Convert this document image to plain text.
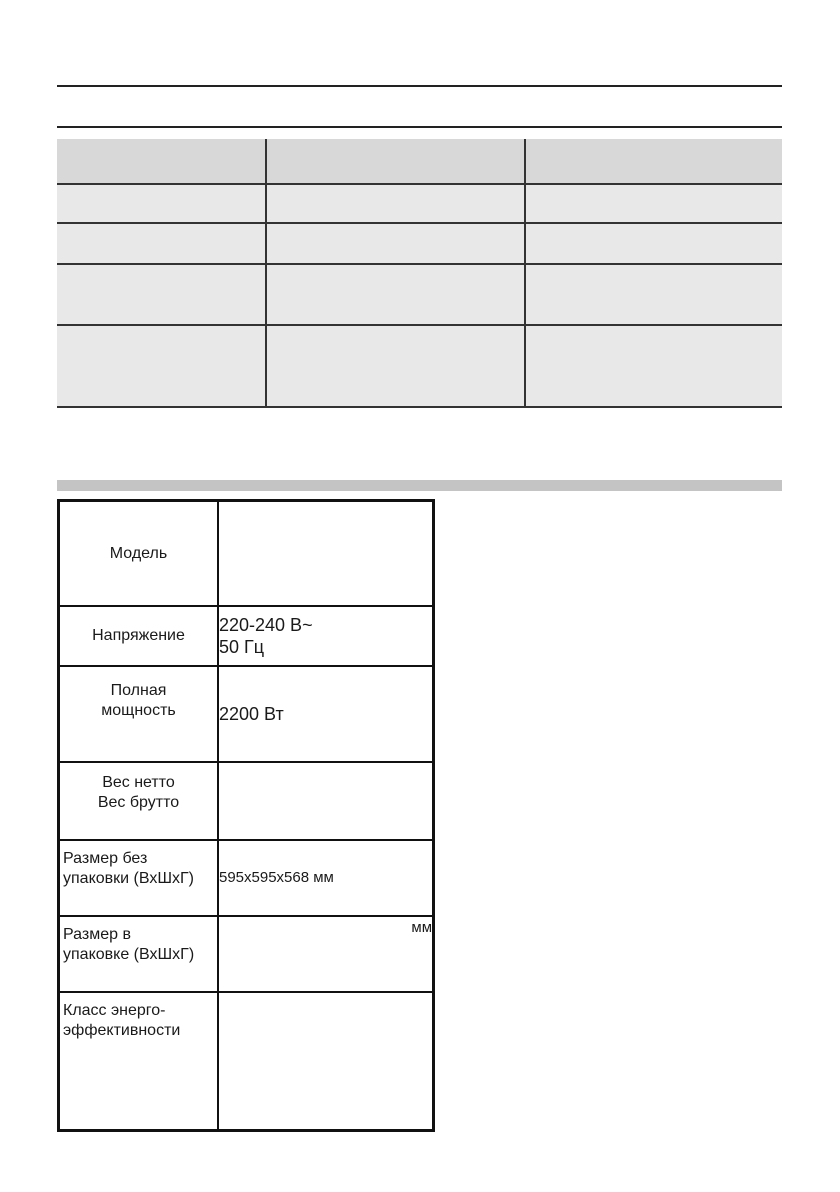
Модель	
Напряжение	220-240 В~
50 Гц

Полная
мощность	2200 Вт

Вес нетто
Вес брутто	

Размер без
упаковки (ВхШхГ)	595x595x568 мм

Размер в
упаковке (ВхШхГ)	мм

Класс энерго-
эффективности	
